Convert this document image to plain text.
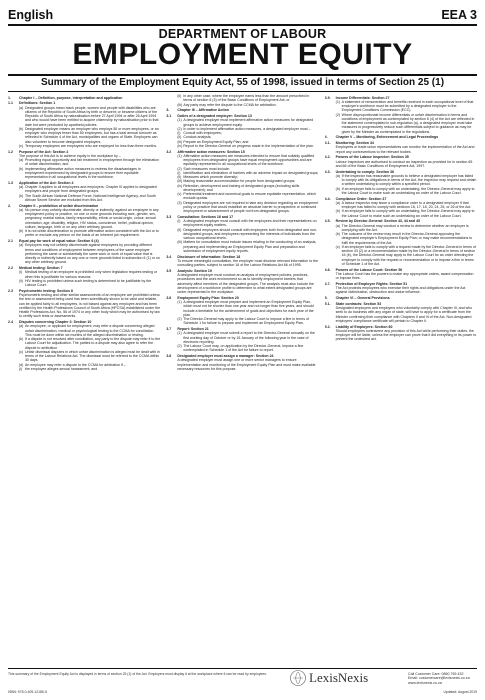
English	EEA 3
DEPARTMENT OF LABOUR
EMPLOYMENT EQUITY
Summary of the Employment Equity Act, 55 of 1998, issued in terms of Section 25 (1)
1.	Chapter I – Definition, purpose, interpretation and application
1.1	Definitions: Section 1
(a) Designated groups mean black people, women and people with disabilities who are citizens of the Republic of South Africa by birth or descent; or became citizens of the Republic of South Africa by naturalisation before 27 April 1994 or after 26 April 1994 and who would have been entitled to acquire citizenship by naturalisation prior to that date but were precluded by apartheid policies.
(b) Designated employer means an employer who employs 50 or more employees, or an employer who employs fewer than 50 employees, but has a total annual turnover as reflected in Schedule 4 of the Act, municipalities and organs of State. Employers can also volunteer to become designated employers.
(c) Temporary employees are employees who are employed for less than three months.
1.2	Purpose of the Act: Section 2
The purpose of this Act is to achieve equity in the workplace by –
(a) Promoting equal opportunity and fair treatment in employment through the elimination of unfair discrimination; and
(b) implementing affirmative action measures to redress the disadvantages in employment experienced by designated groups to ensure their equitable representation in all occupational levels in the workforce.
1.3	Application of the Act: Section 4
(a) Chapter II applies to all employees and employers. Chapter III applies to designated employers and people from designated groups.
(b) The South African National Defence Force, National Intelligence Agency, and South African Secret Service are excluded from this Act.
2.	Chapter II – prohibition of unfair discrimination
(a) No person may unfairly discriminate, directly or indirectly, against an employee in any employment policy or practice, on one or more grounds including race, gender, sex, pregnancy, marital status, family responsibility, ethnic or social origin, colour, sexual orientation, age, disability, religion, HIV status, conscience, belief, political opinion, culture, language, birth or on any other arbitrary ground.
(b) It is not unfair discrimination to promote affirmative action consistent with the Act or to prefer or exclude any person on the basis of an inherent job requirement.
2.1	Equal pay for work of equal value: Section 6 (4)
(a) Employers may not unfairly discriminate against employees by providing different terms and conditions of employment between employees of the same employer performing the same or substantially the same work or work of equal value that is directly or indirectly based on any one or more grounds listed in subsection 6 (1) or on any other arbitrary ground.
2.2	Medical testing: Section 7
(i) Medical testing of an employee is prohibited only when legislation requires testing or when this is justifiable for various reasons.
(ii) HIV testing is prohibited unless such testing is determined to be justifiable by the Labour Court.
2.3	Psychometric testing: Section 8
Psychometric testing and other similar assessments of an employee are prohibited unless the test or assessment being used has been scientifically shown to be valid and reliable, can be applied fairly to all employees, is not biased against any employee and has been certified by the Health Professions Council of South Africa (HPCSA) established under the Health Professions Act, No. 56 of 1974 or any other body which may be authorised by law to certify such tests or assessments.
2.4	Disputes concerning Chapter 2: Section 10
(a) An employee, or applicant for employment, may refer a dispute concerning alleged unfair discrimination, medical or psychological testing to the CCMA for conciliation. This must be done within six months of the alleged discrimination or testing.
(b) If a dispute is not resolved after conciliation, any party to the dispute may refer it to the Labour Court for adjudication. The parties to a dispute may also agree to refer the dispute to arbitration.
(c) Unfair dismissal disputes in which unfair discrimination is alleged must be dealt with in terms of the Labour Relations Act. The dismissal must be referred to the CCMA within 30 days.
(d) An employee may refer a dispute to the CCMA for arbitration if –
(i) the employee alleges sexual harassment; and
(ii) in any other case, where the employee earns less than the amount prescribed in terms of section 6 (3) of the Basic Conditions of Employment Act; or
(iii) Any party may refer the dispute to the CCMA for arbitration.
3.	Chapter III – Affirmative Action
3.1	Duties of a designated employer: Section 13
(1) A designated employer must implement affirmative action measures for designated groups to achieve employment equity.
(2) In order to implement affirmative action measures, a designated employer must –
(i) Consult with employees;
(ii) Conduct analysis;
(iii) Prepare an Employment Equity Plan; and
(iv) Report to the Director-General on progress made in the implementation of the plan.
3.2	Affirmative action measures: Section 15
(1) Affirmative action measures are measures intended to ensure that suitably qualified employees from designated groups have equal employment opportunities and are equitably represented in all occupational levels of the workforce.
(2) Such measures must include:
(i) Identification and elimination of barriers with an adverse impact on designated groups;
(ii) Measures which promote diversity;
(iii) Making reasonable accommodation for people from designated groups;
(iv) Retention, development and training of designated groups (including skills development); and
(v) Preferential treatment and numerical goals to ensure equitable representation, which exclude quotas.
(3) Designated employers are not required to take any decision regarding an employment policy or practice that would establish an absolute barrier to prospective or continued employment or advancement of people not from designated groups.
3.3	Consultation: Sections 16 and 17
(i) A designated employer must consult with the employees and their representatives on employment equity matters.
(ii) Designated employers should consult with employees both from designated and non-designated groups, and employees representing the interests of individuals from the various occupational levels.
(iii) Matters for consultation must include issues relating to the conducting of an analysis, preparing and implementing an Employment Equity Plan and preparation and submission of employment equity reports.
3.4	Disclosure of information: Section 18
To ensure meaningful consultation, the employer must disclose relevant information to the consulting parties, subject to section 16 of the Labour Relations Act 66 of 1995.
3.5	Analysis: Section 19
A designated employer must conduct an analysis of employment policies, practices, procedures and the work environment so as to identify employment barriers that adversely affect members of the designated groups. The analysis must also include the development of a workforce profile to determine to what extent designated groups are under-represented in the workplace.
3.6	Employment Equity Plan: Section 20
(1) A designated employer must prepare and implement an Employment Equity Plan, which must not be shorter than one year and not longer than five years, and should include a timetable for the achievement of goals and objectives for each year of the plan.
(2) The Director-General may apply to the Labour Court to impose a fine in terms of Schedule 1 for failure to prepare and implement an Employment Equity Plan.
3.7	Report: Section 21
(1) A designated employer must submit a report to the Director-General annually on the first working day of October or by 15 January of the following year in the case of electronic reporting.
(2) The Labour Court may, on application by the Director-General, impose a fine contemplated in Schedule 1 of the Act for failure to report.
3.8	Designated employer must assign a manager: Section 24
A designated employer must assign one or more senior managers to ensure implementation and monitoring of the Employment Equity Plan and must make available necessary resources for this purpose.
3.9.	Income Differentials: Section 27
(1) A statement of remuneration and benefits received in each occupational level of that employer's workforce must be submitted by a designated employer to the Employment Conditions Commission (ECC).
(2) Where disproportionate income differentials or unfair discrimination in terms and conditions of employment as contemplated by section 6 (4) of the Act are reflected in the statement contemplated in sub-regulation (a), a designated employer must take measures to progressively reduce such differentials subject to guidance as may be given by the Minister as contemplated in the regulations.
4.	Chapter V – Monitoring, Enforcement and Legal Proceedings
4.1.	Monitoring: Section 34
Employees or trade union representatives can monitor the implementation of the Act and report any contraventions to the relevant bodies.
4.2.	Powers of the Labour Inspector: Section 35
Labour Inspectors are authorised to conduct an inspection as provided for in section 65 and 66 of the Basic Conditions of Employment Act, 1997.
4.3.	Undertaking to comply: Section 36
(a) If the inspector has reasonable grounds to believe a designated employer has failed to comply with its obligations in terms of the Act, the inspector may request and obtain a written undertaking to comply within a specified period.
(b) If an employer fails to comply with an undertaking, the Director-General may apply to the Labour Court to make such an undertaking an order of the Labour Court.
4.4.	Compliance Order: Section 37
(a) A labour inspector may issue a compliance order to a designated employer if that employer has failed to comply with sections 16, 17, 18, 20, 24, 25, or 26 of the Act.
(b) If an employer fails to comply with an undertaking, the Director-General may apply to the Labour Court to make such an undertaking an order of the Labour Court.
4.5.	Review by Director-General: Section 43, 44 and 45
(a) The Director-General may conduct a review to determine whether an employer is complying with the Act.
(b) The outcome of the review may result in the Director-General approving the designated employer's Employment Equity Plan; or may make recommendations to fulfil the requirements of the Act.
(c) If an employer fails to comply with a request made by the Director-General in terms of section 43 (2) or a recommendation made by the Director-General in terms of section 44 (b), the Director-General may apply to the Labour Court for an order directing the employer to comply with the request or recommendation or to impose a fine in terms of Schedule 1 of the Act.
4.6.	Powers of the Labour Court: Section 50
The Labour Court has the powers to make any appropriate orders, award compensation or impose fines.
4.7.	Protection of Employee Rights: Section 51
The Act protects employees who exercise their rights and obligations under the Act against victimisation, obstruction and undue influence.
5.	Chapter VI – General Provisions
5.1.	State contracts: Section 53
Designated employers and employers who voluntarily comply with Chapter III, and who seek to do business with any organ of state, will have to apply for a certificate from the Minister confirming their compliance with Chapters II and III of the Act. Non-designated employers' compliance certificate will pertain to Chapter II.
5.2.	Liability of Employers: Section 60
Should employees contravene any provision of this Act while performing their duties, the employer will be liable, unless the employer can prove that it did everything in its power to prevent the undesired act.
This summary of the Employment Equity Act is displayed in terms of section 25 (1) of the Act. Employers must display it at the workplace where it can be read by employees.	LexisNexis	Call Customer Care: 0860 765 432
Email: customercare@lexisnexis.co.za
www.lexisnexis.co.za
ISBN: 978-0-409-12185-5	Updated: August 2019
